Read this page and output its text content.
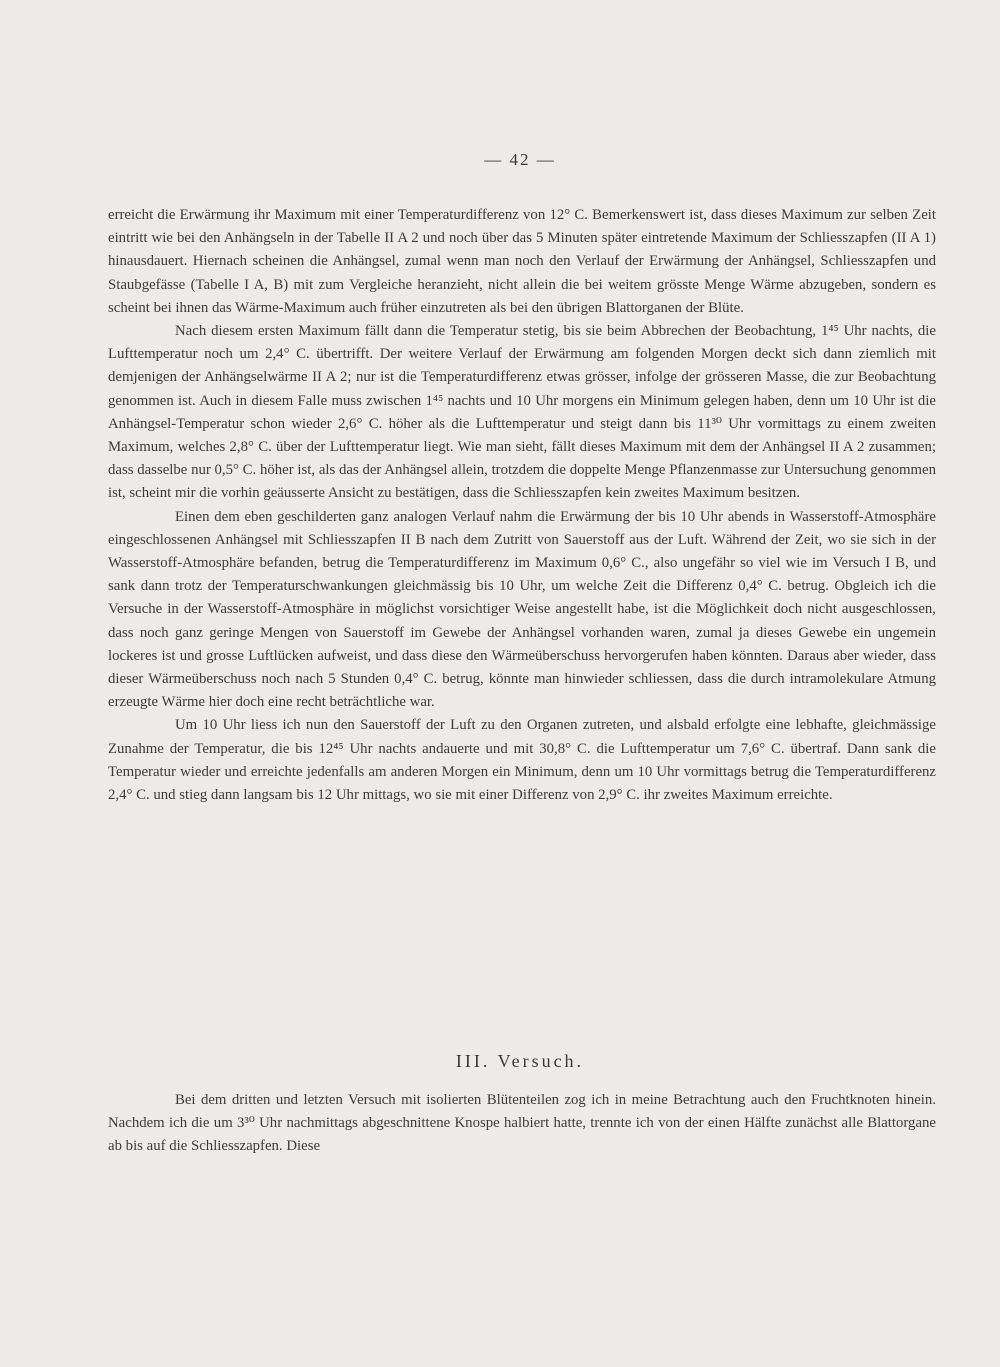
— 42 —

erreicht die Erwärmung ihr Maximum mit einer Temperaturdifferenz von 12° C. Bemerkenswert ist, dass dieses Maximum zur selben Zeit eintritt wie bei den Anhängseln in der Tabelle II A 2 und noch über das 5 Minuten später eintretende Maximum der Schliesszapfen (II A 1) hinausdauert. Hiernach scheinen die Anhängsel, zumal wenn man noch den Verlauf der Erwärmung der Anhängsel, Schliesszapfen und Staubgefässe (Tabelle I A, B) mit zum Vergleiche heranzieht, nicht allein die bei weitem grösste Menge Wärme abzugeben, sondern es scheint bei ihnen das Wärme-Maximum auch früher einzutreten als bei den übrigen Blattorganen der Blüte.

Nach diesem ersten Maximum fällt dann die Temperatur stetig, bis sie beim Abbrechen der Beobachtung, 1⁴⁵ Uhr nachts, die Lufttemperatur noch um 2,4° C. übertrifft. Der weitere Verlauf der Erwärmung am folgenden Morgen deckt sich dann ziemlich mit demjenigen der Anhängselwärme II A 2; nur ist die Temperaturdifferenz etwas grösser, infolge der grösseren Masse, die zur Beobachtung genommen ist. Auch in diesem Falle muss zwischen 1⁴⁵ nachts und 10 Uhr morgens ein Minimum gelegen haben, denn um 10 Uhr ist die Anhängsel-Temperatur schon wieder 2,6° C. höher als die Lufttemperatur und steigt dann bis 11³⁰ Uhr vormittags zu einem zweiten Maximum, welches 2,8° C. über der Lufttemperatur liegt. Wie man sieht, fällt dieses Maximum mit dem der Anhängsel II A 2 zusammen; dass dasselbe nur 0,5° C. höher ist, als das der Anhängsel allein, trotzdem die doppelte Menge Pflanzenmasse zur Untersuchung genommen ist, scheint mir die vorhin geäusserte Ansicht zu bestätigen, dass die Schliesszapfen kein zweites Maximum besitzen.

Einen dem eben geschilderten ganz analogen Verlauf nahm die Erwärmung der bis 10 Uhr abends in Wasserstoff-Atmosphäre eingeschlossenen Anhängsel mit Schliesszapfen II B nach dem Zutritt von Sauerstoff aus der Luft. Während der Zeit, wo sie sich in der Wasserstoff-Atmosphäre befanden, betrug die Temperaturdifferenz im Maximum 0,6° C., also ungefähr so viel wie im Versuch I B, und sank dann trotz der Temperaturschwankungen gleichmässig bis 10 Uhr, um welche Zeit die Differenz 0,4° C. betrug. Obgleich ich die Versuche in der Wasserstoff-Atmosphäre in möglichst vorsichtiger Weise angestellt habe, ist die Möglichkeit doch nicht ausgeschlossen, dass noch ganz geringe Mengen von Sauerstoff im Gewebe der Anhängsel vorhanden waren, zumal ja dieses Gewebe ein ungemein lockeres ist und grosse Luftlücken aufweist, und dass diese den Wärmeüberschuss hervorgerufen haben könnten. Daraus aber wieder, dass dieser Wärmeüberschuss noch nach 5 Stunden 0,4° C. betrug, könnte man hinwieder schliessen, dass die durch intramolekulare Atmung erzeugte Wärme hier doch eine recht beträchtliche war.

Um 10 Uhr liess ich nun den Sauerstoff der Luft zu den Organen zutreten, und alsbald erfolgte eine lebhafte, gleichmässige Zunahme der Temperatur, die bis 12⁴⁵ Uhr nachts andauerte und mit 30,8° C. die Lufttemperatur um 7,6° C. übertraf. Dann sank die Temperatur wieder und erreichte jedenfalls am anderen Morgen ein Minimum, denn um 10 Uhr vormittags betrug die Temperaturdifferenz 2,4° C. und stieg dann langsam bis 12 Uhr mittags, wo sie mit einer Differenz von 2,9° C. ihr zweites Maximum erreichte.

III. Versuch.

Bei dem dritten und letzten Versuch mit isolierten Blütenteilen zog ich in meine Betrachtung auch den Fruchtknoten hinein. Nachdem ich die um 3³⁰ Uhr nachmittags abgeschnittene Knospe halbiert hatte, trennte ich von der einen Hälfte zunächst alle Blattorgane ab bis auf die Schliesszapfen. Diese
